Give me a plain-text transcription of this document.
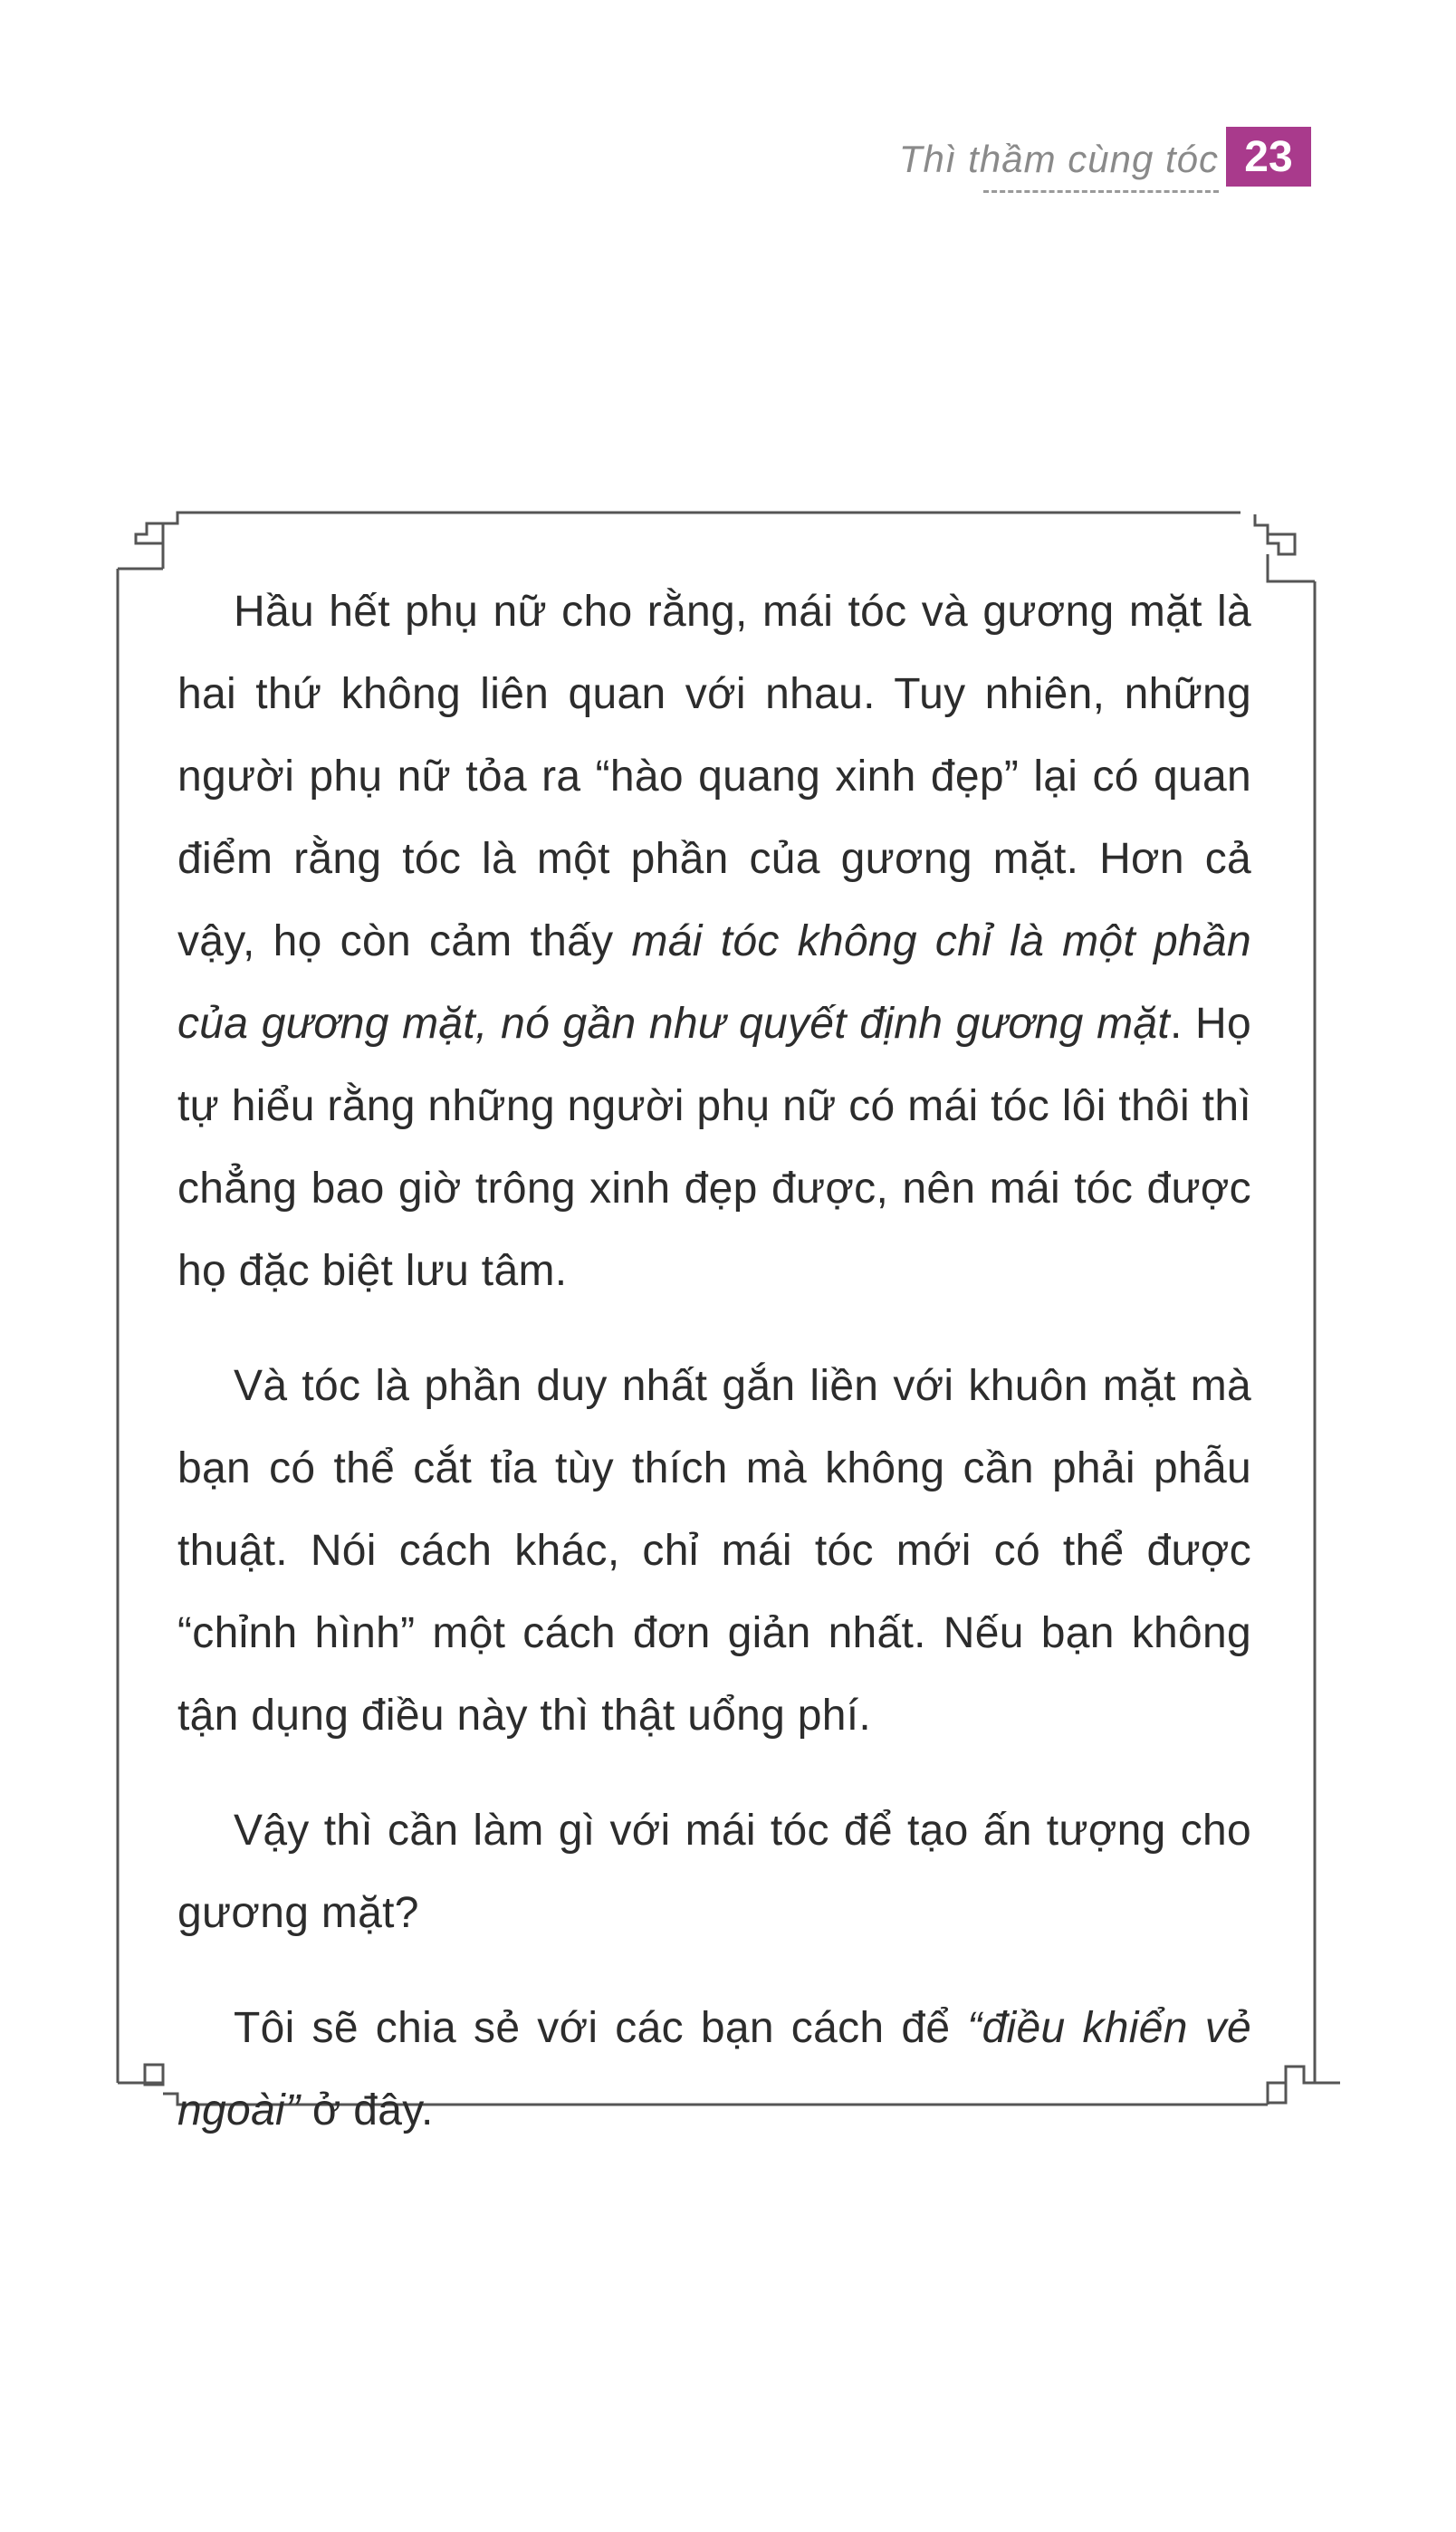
Thì thầm cùng tóc 23

Hầu hết phụ nữ cho rằng, mái tóc và gương mặt là hai thứ không liên quan với nhau. Tuy nhiên, những người phụ nữ tỏa ra “hào quang xinh đẹp” lại có quan điểm rằng tóc là một phần của gương mặt. Hơn cả vậy, họ còn cảm thấy mái tóc không chỉ là một phần của gương mặt, nó gần như quyết định gương mặt. Họ tự hiểu rằng những người phụ nữ có mái tóc lôi thôi thì chẳng bao giờ trông xinh đẹp được, nên mái tóc được họ đặc biệt lưu tâm.

Và tóc là phần duy nhất gắn liền với khuôn mặt mà bạn có thể cắt tỉa tùy thích mà không cần phải phẫu thuật. Nói cách khác, chỉ mái tóc mới có thể được “chỉnh hình” một cách đơn giản nhất. Nếu bạn không tận dụng điều này thì thật uổng phí.

Vậy thì cần làm gì với mái tóc để tạo ấn tượng cho gương mặt?

Tôi sẽ chia sẻ với các bạn cách để “điều khiển vẻ ngoài” ở đây.
